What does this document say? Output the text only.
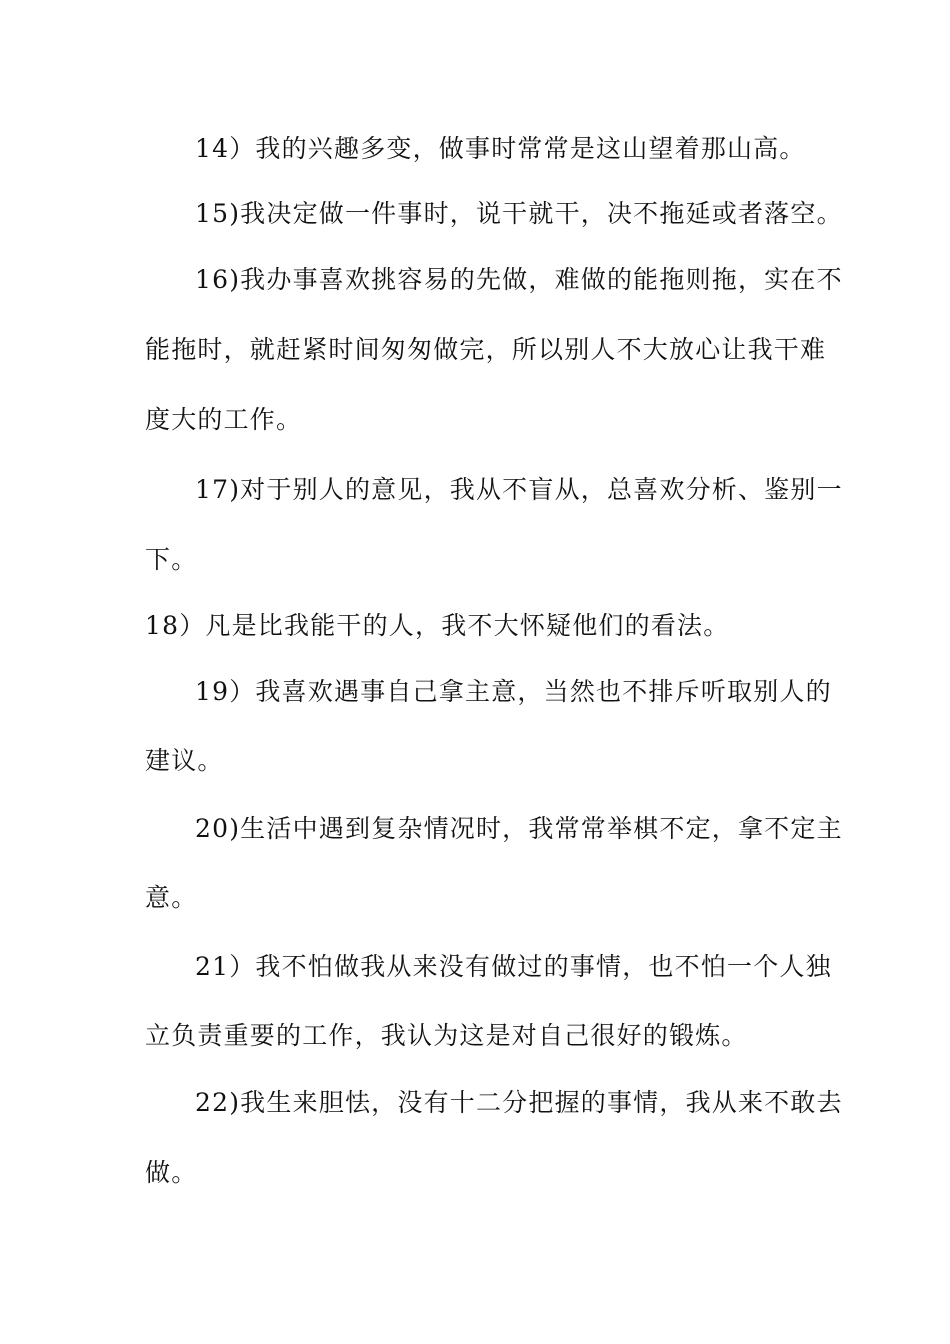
14）我的兴趣多变，做事时常常是这山望着那山高。
15)我决定做一件事时，说干就干，决不拖延或者落空。
16)我办事喜欢挑容易的先做，难做的能拖则拖，实在不
能拖时，就赶紧时间匆匆做完，所以别人不大放心让我干难
度大的工作。
17)对于别人的意见，我从不盲从，总喜欢分析、鉴别一
下。
18）凡是比我能干的人，我不大怀疑他们的看法。
19）我喜欢遇事自己拿主意，当然也不排斥听取别人的
建议。
20)生活中遇到复杂情况时，我常常举棋不定，拿不定主
意。
21）我不怕做我从来没有做过的事情，也不怕一个人独
立负责重要的工作，我认为这是对自己很好的锻炼。
22)我生来胆怯，没有十二分把握的事情，我从来不敢去
做。
